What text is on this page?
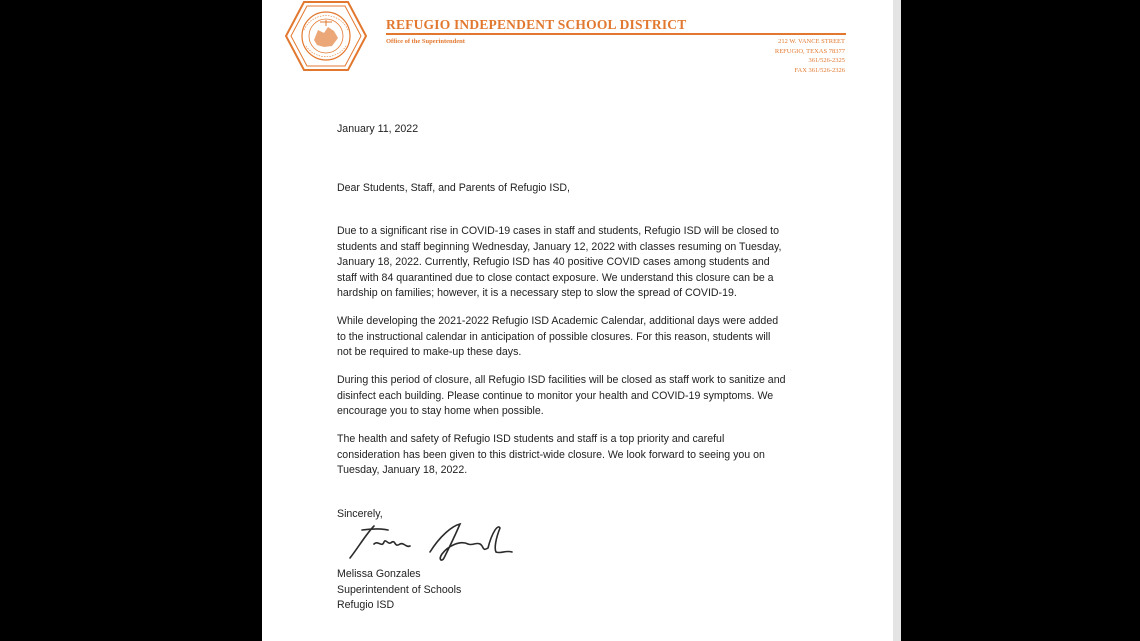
REFUGIO INDEPENDENT SCHOOL DISTRICT
Office of the Superintendent	212 W. VANCE STREET
REFUGIO, TEXAS 78377
361/526-2325
FAX 361/526-2326

January 11, 2022

Dear Students, Staff, and Parents of Refugio ISD,

Due to a significant rise in COVID-19 cases in staff and students, Refugio ISD will be closed to

students and staff beginning Wednesday, January 12, 2022 with classes resuming on Tuesday,

January 18, 2022. Currently, Refugio ISD has 40 positive COVID cases among students and

staff with 84 quarantined due to close contact exposure. We understand this closure can be a

hardship on families; however, it is a necessary step to slow the spread of COVID-19.

While developing the 2021-2022 Refugio ISD Academic Calendar, additional days were added

to the instructional calendar in anticipation of possible closures. For this reason, students will

not be required to make-up these days.

During this period of closure, all Refugio ISD facilities will be closed as staff work to sanitize and

disinfect each building. Please continue to monitor your health and COVID-19 symptoms. We

encourage you to stay home when possible.

The health and safety of Refugio ISD students and staff is a top priority and careful

consideration has been given to this district-wide closure. We look forward to seeing you on

Tuesday, January 18, 2022.

Sincerely,

Melissa Gonzales

Superintendent of Schools

Refugio ISD
